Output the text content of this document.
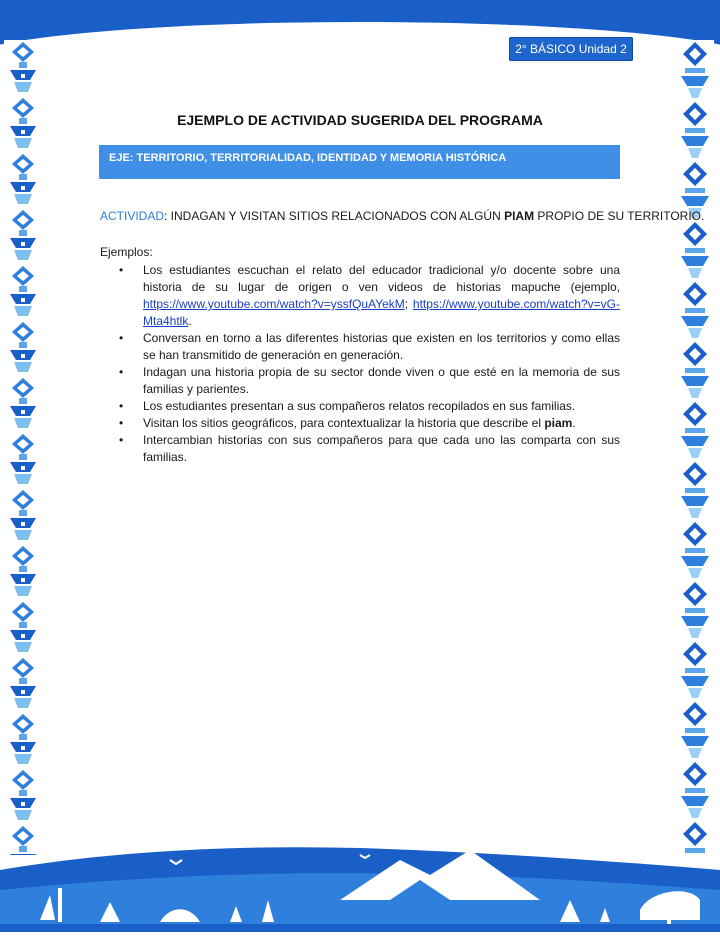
2° BÁSICO Unidad 2
EJEMPLO DE ACTIVIDAD SUGERIDA DEL PROGRAMA
EJE: TERRITORIO, TERRITORIALIDAD, IDENTIDAD Y MEMORIA HISTÓRICA
ACTIVIDAD: INDAGAN Y VISITAN SITIOS RELACIONADOS CON ALGÚN PIAM PROPIO DE SU TERRITORIO.
Ejemplos:
• Los estudiantes escuchan el relato del educador tradicional y/o docente sobre una historia de su lugar de origen o ven videos de historias mapuche (ejemplo, https://www.youtube.com/watch?v=yssfQuAYekM; https://www.youtube.com/watch?v=vG-Mta4htlk.
• Conversan en torno a las diferentes historias que existen en los territorios y como ellas se han transmitido de generación en generación.
• Indagan una historia propia de su sector donde viven o que esté en la memoria de sus familias y parientes.
• Los estudiantes presentan a sus compañeros relatos recopilados en sus familias.
• Visitan los sitios geográficos, para contextualizar la historia que describe el piam.
• Intercambian historias con sus compañeros para que cada uno las comparta con sus familias.
